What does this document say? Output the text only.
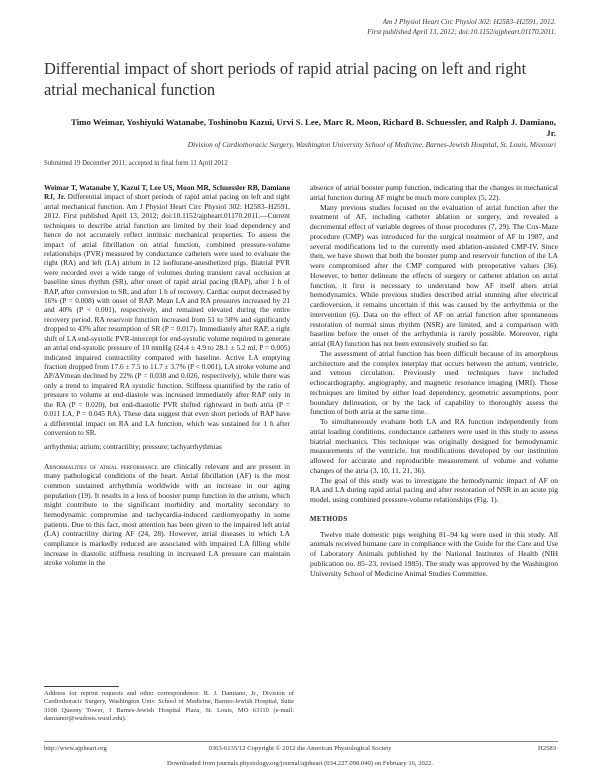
Am J Physiol Heart Circ Physiol 302: H2583–H2591, 2012.
First published April 13, 2012; doi:10.1152/ajpheart.01170.2011.
Differential impact of short periods of rapid atrial pacing on left and right atrial mechanical function
Timo Weimar, Yoshiyuki Watanabe, Toshinobu Kazui, Urvi S. Lee, Marc R. Moon, Richard B. Schuessler, and Ralph J. Damiano, Jr.
Division of Cardiothoracic Surgery, Washington University School of Medicine, Barnes-Jewish Hospital, St. Louis, Missouri
Submitted 19 December 2011; accepted in final form 11 April 2012

Weimar T, Watanabe Y, Kazui T, Lee US, Moon MR, Schuessler RB, Damiano RJ, Jr. Differential impact of short periods of rapid atrial pacing on left and right atrial mechanical function. Am J Physiol Heart Circ Physiol 302: H2583–H2591, 2012. First published April 13, 2012; doi:10.1152/ajpheart.01170.2011.—Current techniques to describe atrial function are limited by their load dependency and hence do not accurately reflect intrinsic mechanical properties. To assess the impact of atrial fibrillation on atrial function, combined pressure-volume relationships (PVR) measured by conductance catheters were used to evaluate the right (RA) and left (LA) atrium in 12 isoflurane-anesthetized pigs. Biatrial PVR were recorded over a wide range of volumes during transient caval occlusion at baseline sinus rhythm (SR), after onset of rapid atrial pacing (RAP), after 1 h of RAP, after conversion to SR, and after 1 h of recovery. Cardiac output decreased by 16% (P = 0.008) with onset of RAP. Mean LA and RA pressures increased by 21 and 40% (P < 0.001), respectively, and remained elevated during the entire recovery period. RA reservoir function increased from 51 to 58% and significantly dropped to 43% after resumption of SR (P = 0.017). Immediately after RAP, a right shift of LA end-systolic PVR-intercept for end-systolic volume required to generate an atrial end-systolic pressure of 10 mmHg (24.4 ± 4.9 to 28.1 ± 5.2 ml, P = 0.005) indicated impaired contractility compared with baseline. Active LA emptying fraction dropped from 17.6 ± 7.5 to 11.7 ± 3.7% (P < 0.001), LA stroke volume and ΔP/ΔVmean declined by 22% (P = 0.038 and 0.026, respectively), while there was only a trend to impaired RA systolic function. Stiffness quantified by the ratio of pressure to volume at end-diastole was increased immediately after RAP only in the RA (P = 0.020), but end-diastolic PVR shifted rightward in both atria (P = 0.011 LA, P = 0.045 RA). These data suggest that even short periods of RAP have a differential impact on RA and LA function, which was sustained for 1 h after conversion to SR.

arrhythmia; atrium; contractility; pressure; tachyarrhythmias

Abnormalities of atrial performance are clinically relevant and are present in many pathological conditions of the heart. Atrial fibrillation (AF) is the most common sustained arrhythmia worldwide with an increase in our aging population (19). It results in a loss of booster pump function in the atrium, which might contribute to the significant morbidity and mortality secondary to hemodynamic compromise and tachycardia-induced cardiomyopathy in some patients. Due to this fact, most attention has been given to the impaired left atrial (LA) contractility during AF (24, 28). However, atrial diseases in which LA compliance is markedly reduced are associated with impaired LA filling while increase in diastolic stiffness resulting in increased LA pressure can maintain stroke volume in the

Address for reprint requests and other correspondence: R. J. Damiano, Jr., Division of Cardiothoracic Surgery, Washington Univ. School of Medicine, Barnes-Jewish Hospital, Suite 3108 Queeny Tower, 1 Barnes-Jewish Hospital Plaza, St. Louis, MO 63110 (e-mail: damianor@wudosis.wustl.edu).

absence of atrial booster pump function, indicating that the changes in mechanical atrial function during AF might be much more complex (5, 22).

Many previous studies focused on the evaluation of atrial function after the treatment of AF, including catheter ablation or surgery, and revealed a decremental effect of variable degrees of those procedures (7, 29). The Cox-Maze procedure (CMP) was introduced for the surgical treatment of AF in 1987, and several modifications led to the currently used ablation-assisted CMP-IV. Since then, we have shown that both the booster pump and reservoir function of the LA were compromised after the CMP compared with preoperative values (36). However, to better delineate the effects of surgery or catheter ablation on atrial function, it first is necessary to understand how AF itself alters atrial hemodynamics. While previous studies described atrial stunning after electrical cardioversion, it remains uncertain if this was caused by the arrhythmia or the intervention (6). Data on the effect of AF on atrial function after spontaneous restoration of normal sinus rhythm (NSR) are limited, and a comparison with baseline before the onset of the arrhythmia is rarely possible. Moreover, right atrial (RA) function has not been extensively studied so far.

The assessment of atrial function has been difficult because of its amorphous architecture and the complex interplay that occurs between the atrium, ventricle, and venous circulation. Previously used techniques have included echocardiography, angiography, and magnetic resonance imaging (MRI). Those techniques are limited by either load dependency, geometric assumptions, poor boundary delineation, or by the lack of capability to thoroughly assess the function of both atria at the same time.

To simultaneously evaluate both LA and RA function independently from atrial loading conditions, conductance catheters were used in this study to assess biatrial mechanics. This technique was originally designed for hemodynamic measurements of the ventricle, but modifications developed by our institution allowed for accurate and reproducible measurement of volume and volume changes of the atria (3, 10, 11, 21, 36).

The goal of this study was to investigate the hemodynamic impact of AF on RA and LA during rapid atrial pacing and after restoration of NSR in an acute pig model, using combined pressure-volume relationships (Fig. 1).

METHODS

Twelve male domestic pigs weighing 81–94 kg were used in this study. All animals received humane care in compliance with the Guide for the Care and Use of Laboratory Animals published by the National Institutes of Health (NIH publication no. 85–23, revised 1985). The study was approved by the Washington University School of Medicine Animal Studies Committee.

http://www.ajpheart.org	0363-6135/12 Copyright © 2012 the American Physiological Society	H2583
Downloaded from journals.physiology.org/journal/ajpheart (034.227.098.040) on February 16, 2022.
